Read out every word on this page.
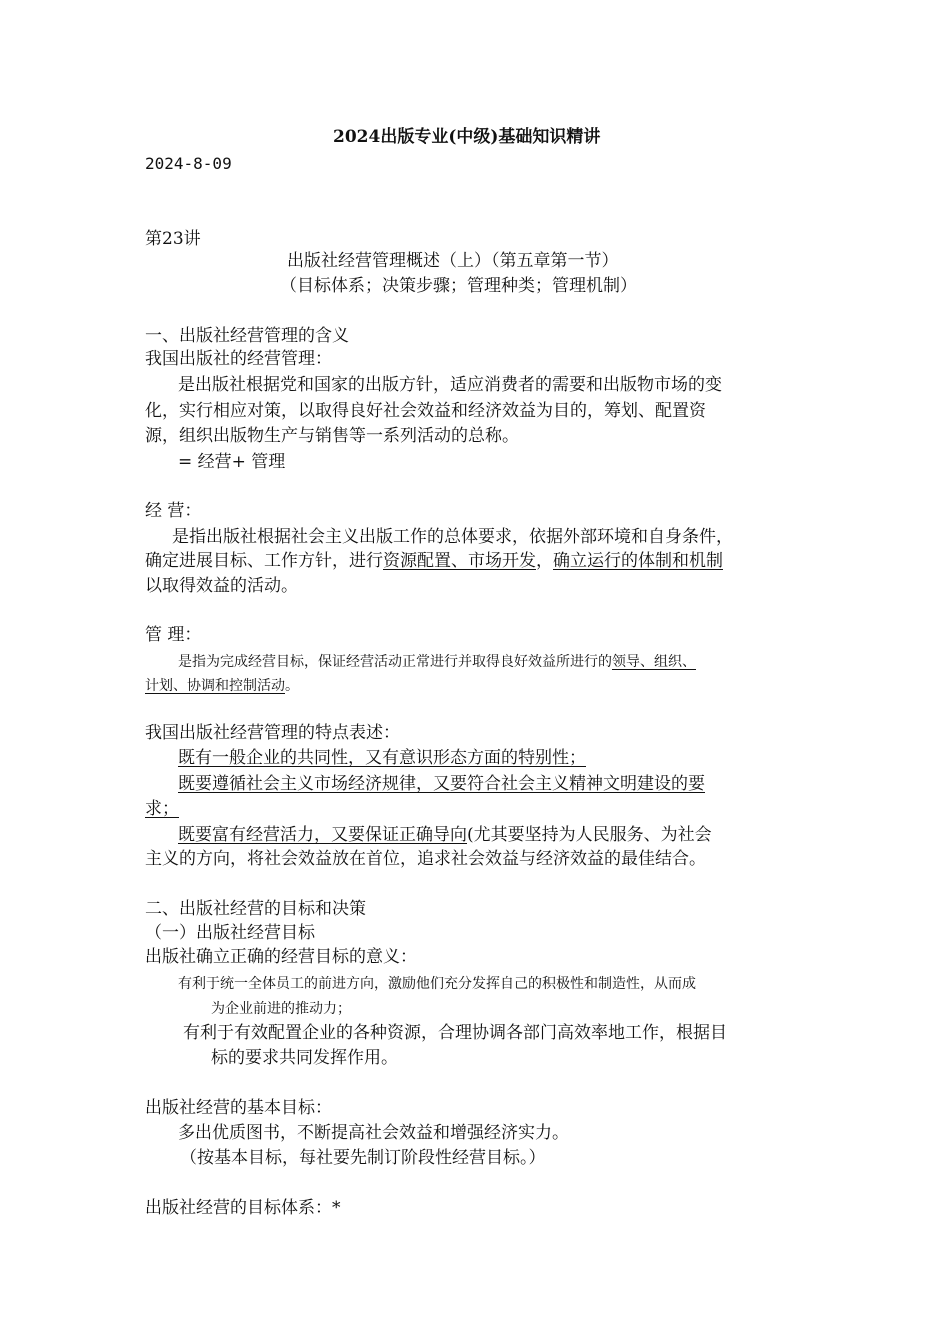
2024出版专业(中级)基础知识精讲
2024-8-09
第23讲
出版社经营管理概述（上）（第五章第一节）
（目标体系；决策步骤；管理种类；管理机制）
一、出版社经营管理的含义
我国出版社的经营管理：
是出版社根据党和国家的出版方针，适应消费者的需要和出版物市场的变
化，实行相应对策，以取得良好社会效益和经济效益为目的，筹划、配置资
源，组织出版物生产与销售等一系列活动的总称。
= 经营+ 管理
经 营：
是指出版社根据社会主义出版工作的总体要求，依据外部环境和自身条件，
确定进展目标、工作方针，进行资源配置、市场开发，确立运行的体制和机制
以取得效益的活动。
管 理：
是指为完成经营目标，保证经营活动正常进行并取得良好效益所进行的领导、组织、
计划、协调和控制活动。
我国出版社经营管理的特点表述：
既有一般企业的共同性，又有意识形态方面的特别性；
既要遵循社会主义市场经济规律，又要符合社会主义精神文明建设的要
求；
既要富有经营活力，又要保证正确导向(尤其要坚持为人民服务、为社会
主义的方向，将社会效益放在首位，追求社会效益与经济效益的最佳结合。
二、出版社经营的目标和决策
（一）出版社经营目标
出版社确立正确的经营目标的意义：
有利于统一全体员工的前进方向，激励他们充分发挥自己的积极性和制造性，从而成
为企业前进的推动力；
有利于有效配置企业的各种资源，合理协调各部门高效率地工作，根据目
标的要求共同发挥作用。
出版社经营的基本目标：
多出优质图书，不断提高社会效益和增强经济实力。
（按基本目标，每社要先制订阶段性经营目标。）
出版社经营的目标体系：*
